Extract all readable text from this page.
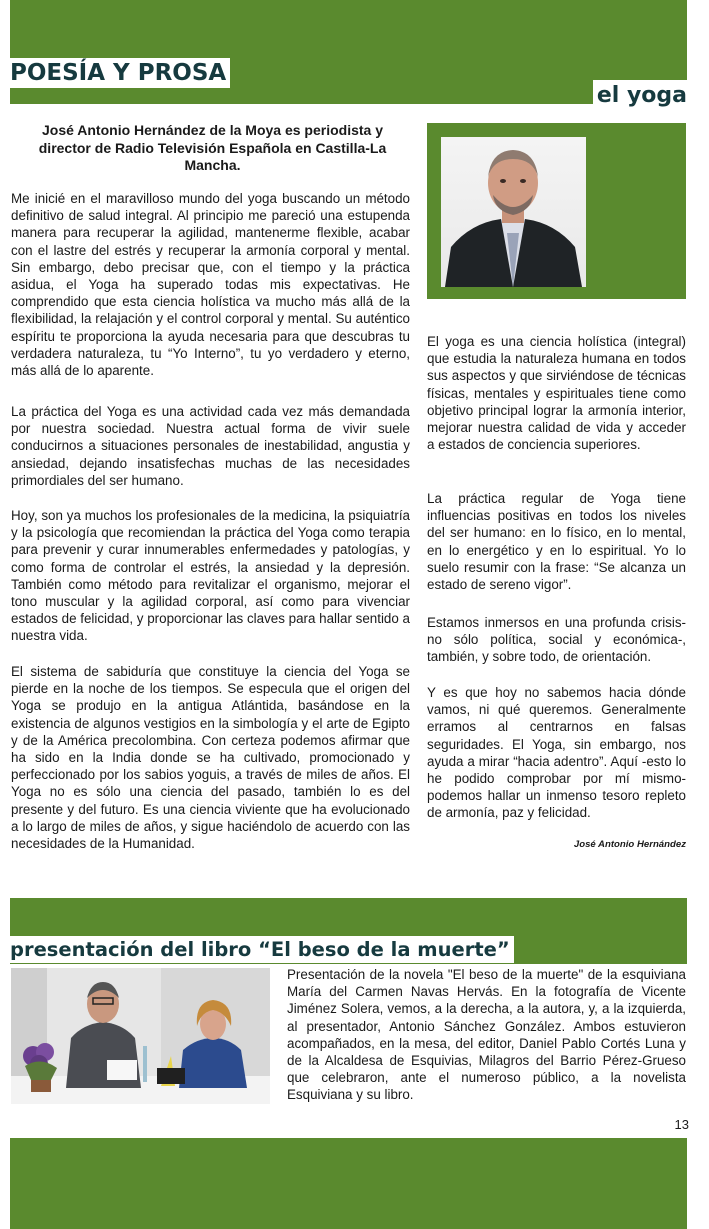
POESÍA Y PROSA
el yoga

José Antonio Hernández de la Moya es periodista y director de Radio Televisión Española en Castilla-La Mancha.

Me inicié en el maravilloso mundo del yoga buscando un método definitivo de salud integral. Al principio me pareció una estupenda manera para recuperar la agilidad, mantenerme flexible, acabar con el lastre del estrés y recuperar la armonía corporal y mental. Sin embargo, debo precisar que, con el tiempo y la práctica asidua, el Yoga ha superado todas mis expectativas. He comprendido que esta ciencia holística va mucho más allá de la flexibilidad, la relajación y el control corporal y mental. Su auténtico espíritu te proporciona la ayuda necesaria para que descubras tu verdadera naturaleza, tu “Yo Interno”, tu yo verdadero y eterno, más allá de lo aparente.

La práctica del Yoga es una actividad cada vez más demandada por nuestra sociedad. Nuestra actual forma de vivir suele conducirnos a situaciones personales de inestabilidad, angustia y ansiedad, dejando insatisfechas muchas de las necesidades primordiales del ser humano.

Hoy, son ya muchos los profesionales de la medicina, la psiquiatría y la psicología que recomiendan la práctica del Yoga como terapia para prevenir y curar innumerables enfermedades y patologías, y como forma de controlar el estrés, la ansiedad y la depresión. También como método para revitalizar el organismo, mejorar el tono muscular y la agilidad corporal, así como para vivenciar estados de felicidad, y proporcionar las claves para hallar sentido a nuestra vida.

El sistema de sabiduría que constituye la ciencia del Yoga se pierde en la noche de los tiempos. Se especula que el origen del Yoga se produjo en la antigua Atlántida, basándose en la existencia de algunos vestigios en la simbología y el arte de Egipto y de la América precolombina. Con certeza podemos afirmar que ha sido en la India donde se ha cultivado, promocionado y perfeccionado por los sabios yoguis, a través de miles de años. El Yoga no es sólo una ciencia del pasado, también lo es del presente y del futuro. Es una ciencia viviente que ha evolucionado a lo largo de miles de años, y sigue haciéndolo de acuerdo con las necesidades de la Humanidad.

El yoga es una ciencia holística (integral) que estudia la naturaleza humana en todos sus aspectos y que sirviéndose de técnicas físicas, mentales y espirituales tiene como objetivo principal lograr la armonía interior, mejorar nuestra calidad de vida y acceder a estados de conciencia superiores.

La práctica regular de Yoga tiene influencias positivas en todos los niveles del ser humano: en lo físico, en lo mental, en lo energético y en lo espiritual. Yo lo suelo resumir con la frase: “Se alcanza un estado de sereno vigor”.

Estamos inmersos en una profunda crisis- no sólo política, social y económica-, también, y sobre todo, de orientación.

Y es que hoy no sabemos hacia dónde vamos, ni qué queremos. Generalmente erramos al centrarnos en falsas seguridades. El Yoga, sin embargo, nos ayuda a mirar “hacia adentro”. Aquí -esto lo he podido comprobar por mí mismo- podemos hallar un inmenso tesoro repleto de armonía, paz y felicidad.

José Antonio Hernández

presentación del libro “El beso de la muerte”

Presentación de la novela "El beso de la muerte" de la esquiviana María del Carmen Navas Hervás. En la fotografía de Vicente Jiménez Solera, vemos, a la derecha, a la autora, y, a la izquierda, al presentador, Antonio Sánchez González. Ambos estuvieron acompañados, en la mesa, del editor, Daniel Pablo Cortés Luna y de la Alcaldesa de Esquivias, Milagros del Barrio Pérez-Grueso que celebraron, ante el numeroso público, a la novelista Esquiviana y su libro.

13
